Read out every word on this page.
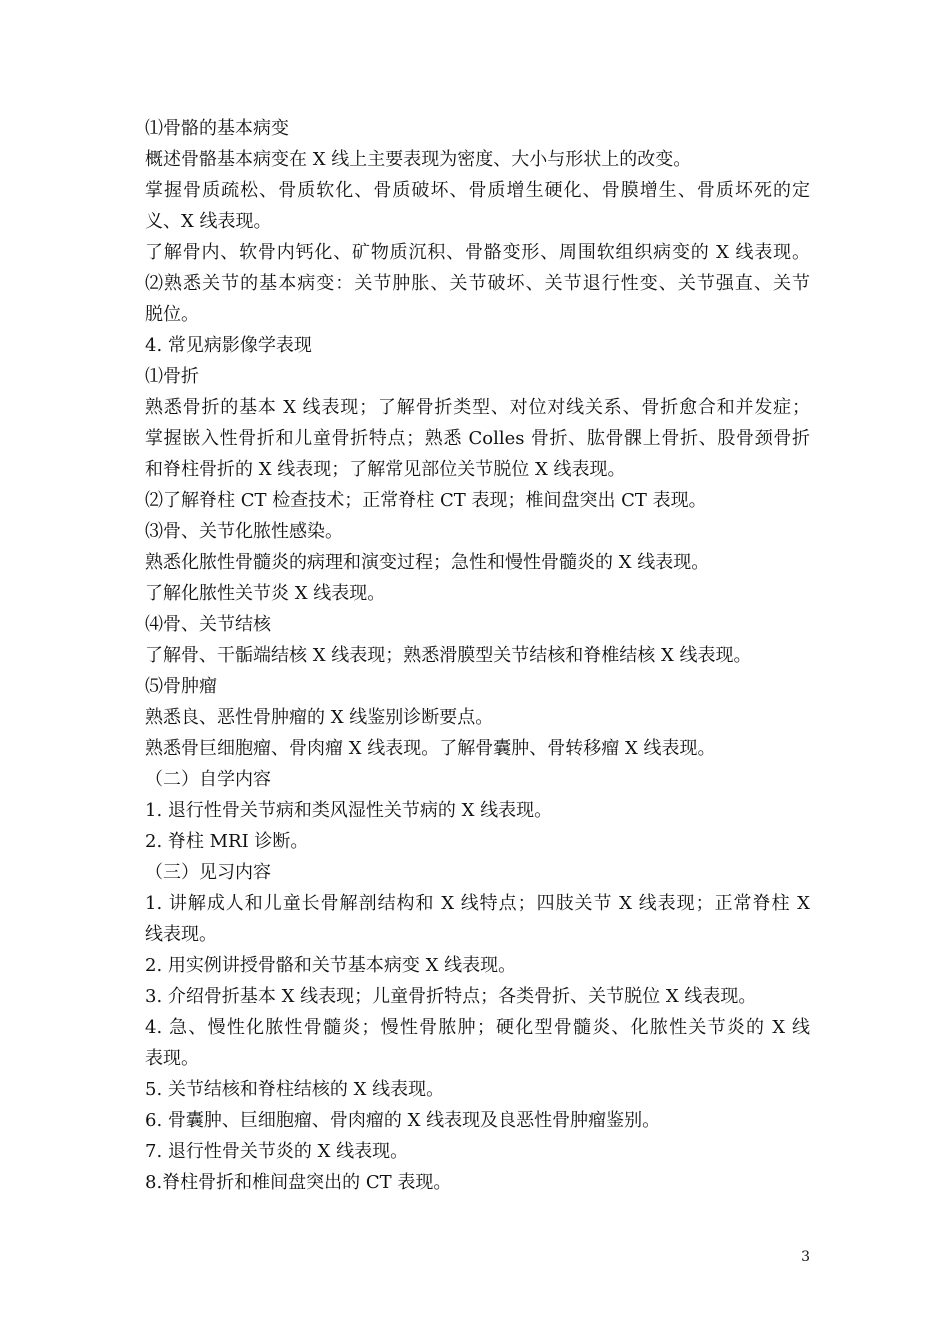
⑴骨骼的基本病变
概述骨骼基本病变在 X 线上主要表现为密度、大小与形状上的改变。
掌握骨质疏松、骨质软化、骨质破坏、骨质增生硬化、骨膜增生、骨质坏死的定
义、X 线表现。
了解骨内、软骨内钙化、矿物质沉积、骨骼变形、周围软组织病变的 X 线表现。
⑵熟悉关节的基本病变：关节肿胀、关节破坏、关节退行性变、关节强直、关节
脱位。
4. 常见病影像学表现
⑴骨折
熟悉骨折的基本 X 线表现；了解骨折类型、对位对线关系、骨折愈合和并发症；
掌握嵌入性骨折和儿童骨折特点；熟悉 Colles 骨折、肱骨髁上骨折、股骨颈骨折
和脊柱骨折的 X 线表现；了解常见部位关节脱位 X 线表现。
⑵了解脊柱 CT 检查技术；正常脊柱 CT 表现；椎间盘突出 CT 表现。
⑶骨、关节化脓性感染。
熟悉化脓性骨髓炎的病理和演变过程；急性和慢性骨髓炎的 X 线表现。
了解化脓性关节炎 X 线表现。
⑷骨、关节结核
了解骨、干骺端结核 X 线表现；熟悉滑膜型关节结核和脊椎结核 X 线表现。
⑸骨肿瘤
熟悉良、恶性骨肿瘤的 X 线鉴别诊断要点。
熟悉骨巨细胞瘤、骨肉瘤 X 线表现。了解骨囊肿、骨转移瘤 X 线表现。
（二）自学内容
1. 退行性骨关节病和类风湿性关节病的 X 线表现。
2. 脊柱 MRI 诊断。
（三）见习内容
1. 讲解成人和儿童长骨解剖结构和 X 线特点；四肢关节 X 线表现；正常脊柱 X
线表现。
2. 用实例讲授骨骼和关节基本病变 X 线表现。
3. 介绍骨折基本 X 线表现；儿童骨折特点；各类骨折、关节脱位 X 线表现。
4. 急、慢性化脓性骨髓炎；慢性骨脓肿；硬化型骨髓炎、化脓性关节炎的 X 线
表现。
5. 关节结核和脊柱结核的 X 线表现。
6. 骨囊肿、巨细胞瘤、骨肉瘤的 X 线表现及良恶性骨肿瘤鉴别。
7. 退行性骨关节炎的 X 线表现。
8.脊柱骨折和椎间盘突出的 CT 表现。
3
